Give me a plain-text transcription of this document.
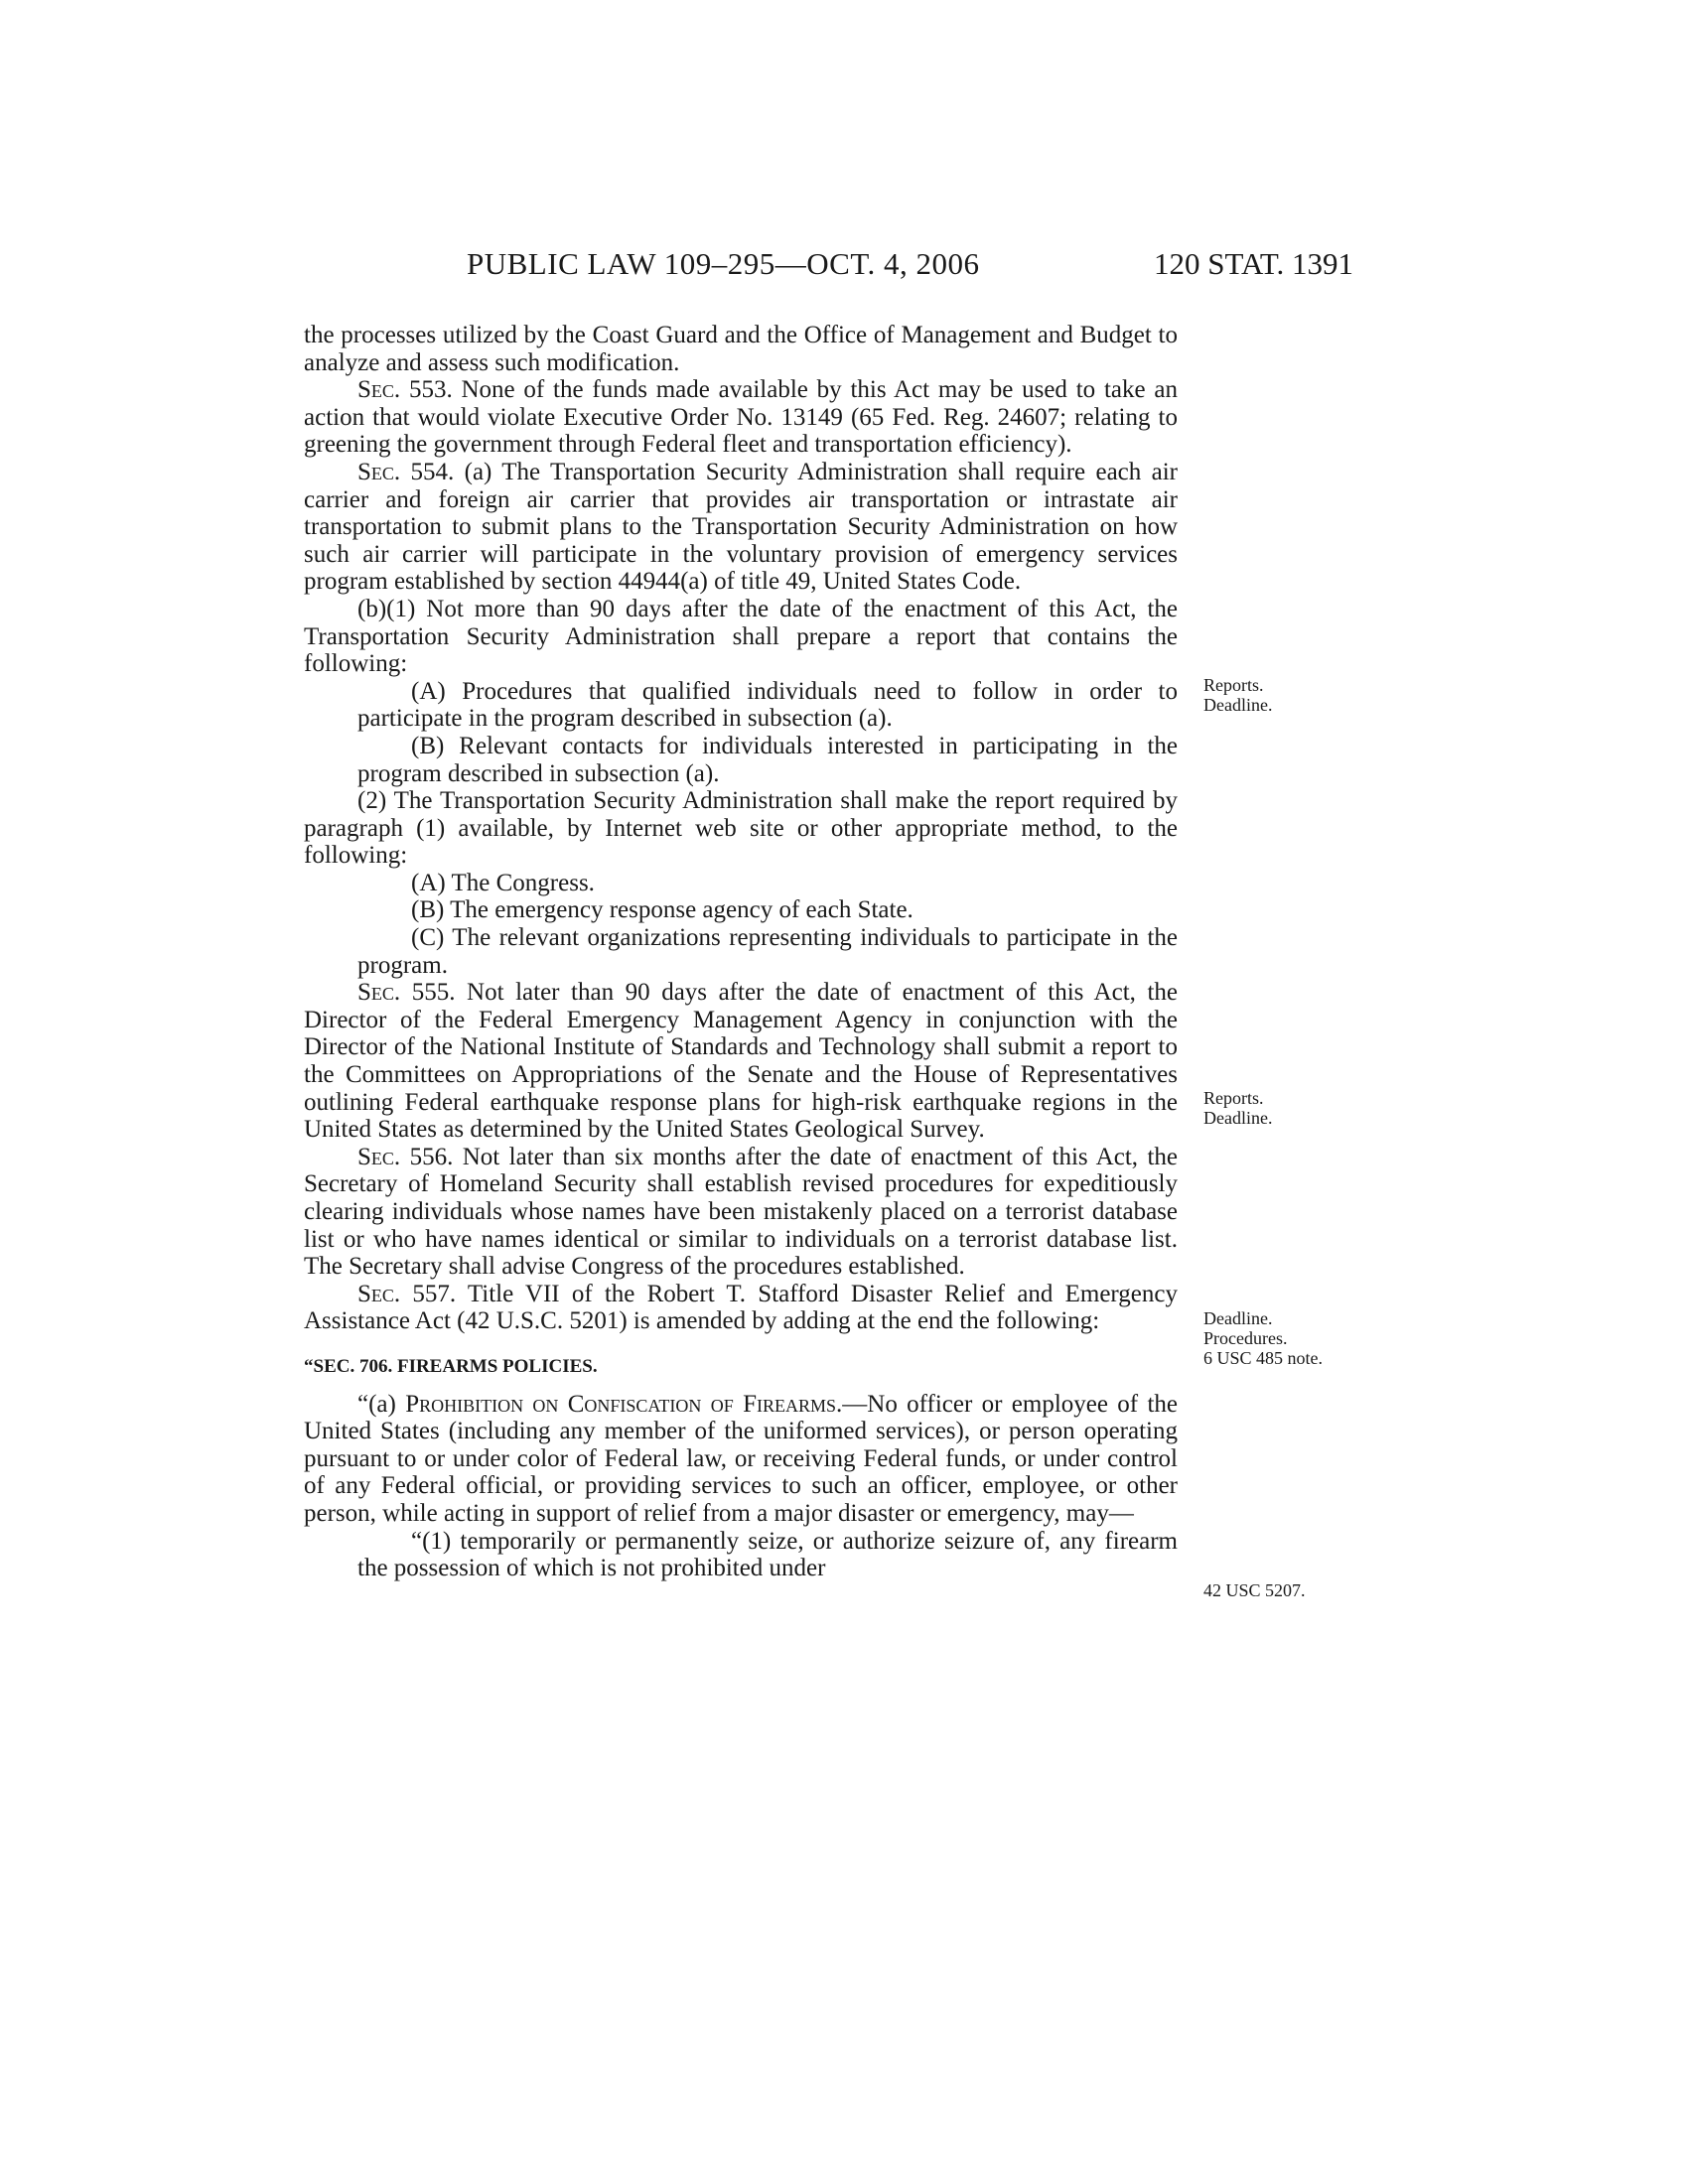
PUBLIC LAW 109–295—OCT. 4, 2006	120 STAT. 1391

the processes utilized by the Coast Guard and the Office of Management and Budget to analyze and assess such modification.

Sec. 553. None of the funds made available by this Act may be used to take an action that would violate Executive Order No. 13149 (65 Fed. Reg. 24607; relating to greening the government through Federal fleet and transportation efficiency).

Sec. 554. (a) The Transportation Security Administration shall require each air carrier and foreign air carrier that provides air transportation or intrastate air transportation to submit plans to the Transportation Security Administration on how such air carrier will participate in the voluntary provision of emergency services program established by section 44944(a) of title 49, United States Code.

(b)(1) Not more than 90 days after the date of the enactment of this Act, the Transportation Security Administration shall prepare a report that contains the following:

(A) Procedures that qualified individuals need to follow in order to participate in the program described in subsection (a).

(B) Relevant contacts for individuals interested in participating in the program described in subsection (a).

(2) The Transportation Security Administration shall make the report required by paragraph (1) available, by Internet web site or other appropriate method, to the following:

(A) The Congress.

(B) The emergency response agency of each State.

(C) The relevant organizations representing individuals to participate in the program.

Sec. 555. Not later than 90 days after the date of enactment of this Act, the Director of the Federal Emergency Management Agency in conjunction with the Director of the National Institute of Standards and Technology shall submit a report to the Committees on Appropriations of the Senate and the House of Representatives outlining Federal earthquake response plans for high-risk earthquake regions in the United States as determined by the United States Geological Survey.

Sec. 556. Not later than six months after the date of enactment of this Act, the Secretary of Homeland Security shall establish revised procedures for expeditiously clearing individuals whose names have been mistakenly placed on a terrorist database list or who have names identical or similar to individuals on a terrorist database list. The Secretary shall advise Congress of the procedures established.

Sec. 557. Title VII of the Robert T. Stafford Disaster Relief and Emergency Assistance Act (42 U.S.C. 5201) is amended by adding at the end the following:

“SEC. 706. FIREARMS POLICIES.

“(a) Prohibition on Confiscation of Firearms.—No officer or employee of the United States (including any member of the uniformed services), or person operating pursuant to or under color of Federal law, or receiving Federal funds, or under control of any Federal official, or providing services to such an officer, employee, or other person, while acting in support of relief from a major disaster or emergency, may—

“(1) temporarily or permanently seize, or authorize seizure of, any firearm the possession of which is not prohibited under

Reports.
Deadline.
Reports.
Deadline.
Deadline.
Procedures.
6 USC 485 note.
42 USC 5207.
